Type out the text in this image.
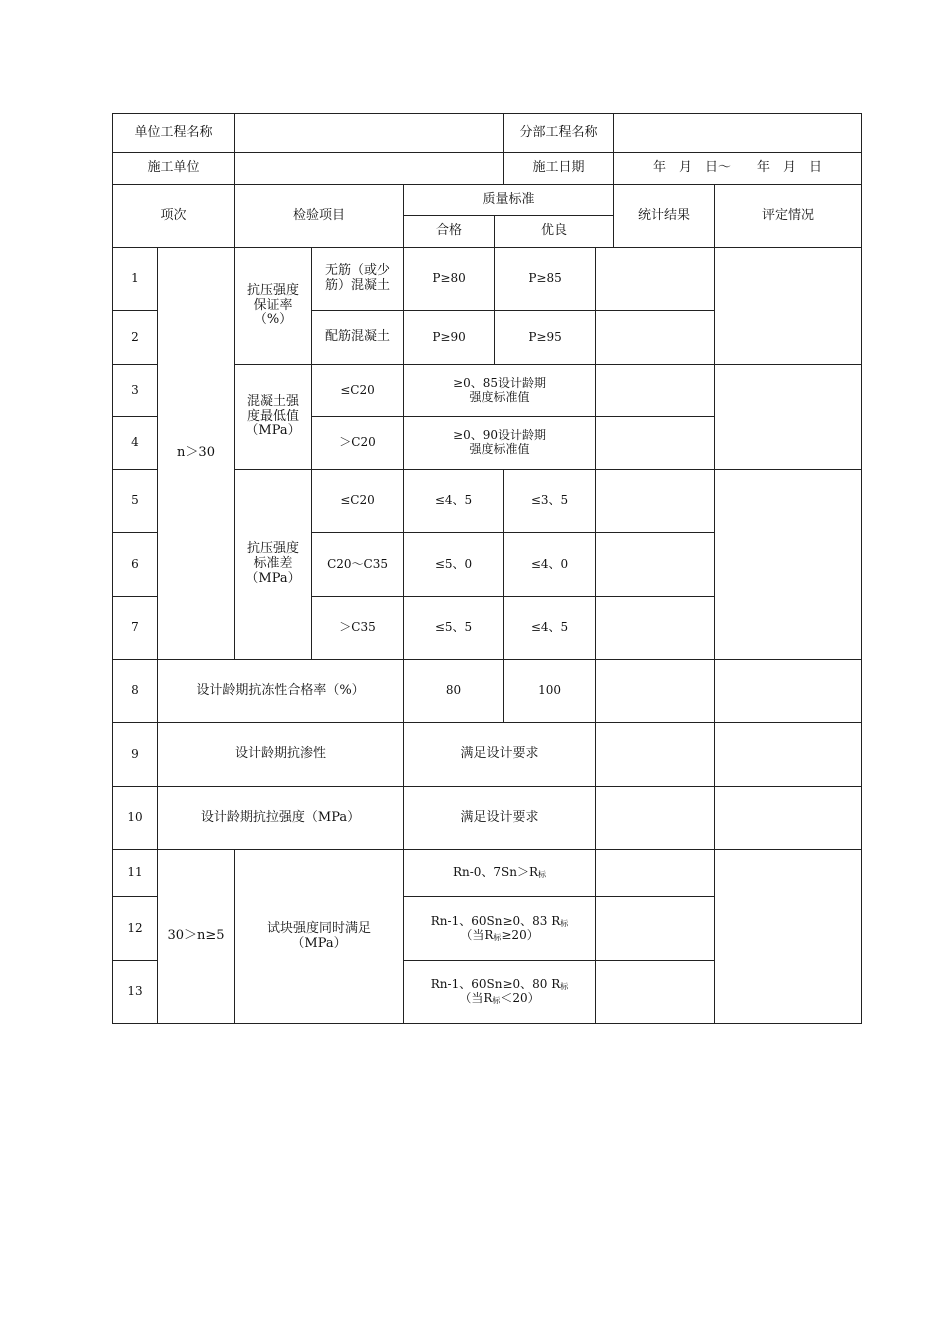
单位工程名称						分部工程名称			
施工单位						施工日期		年　月　日～　　年　月　日	
项次		检验项目		质量标准				统计结果	评定情况
				合格	优良				
1	n＞30	抗压强度保证率（%）	无筋（或少筋）混凝土	P≥80	P≥85				
2			配筋混凝土	P≥90	P≥95				
3		混凝土强度最低值（MPa）	≤C20	≥0、85设计龄期
强度标准值					

4			＞C20	≥0、90设计龄期
强度标准值					

5		抗压强度标准差（MPa）	≤C20	≤4、5		≤3、5			
6			C20～C35	≤5、0		≤4、0			
7			＞C35	≤5、5		≤4、5			
8	设计龄期抗冻性合格率（%）			80		100			
9	设计龄期抗渗性			满足设计要求					
10	设计龄期抗拉强度（MPa）			满足设计要求					
11	30＞n≥5	试块强度同时满足（MPa）		Rn-0、7Sn＞R标					
12				Rn-1、60Sn≥0、83 R标
（当R标≥20）					

13				Rn-1、60Sn≥0、80 R标
（当R标＜20）					
